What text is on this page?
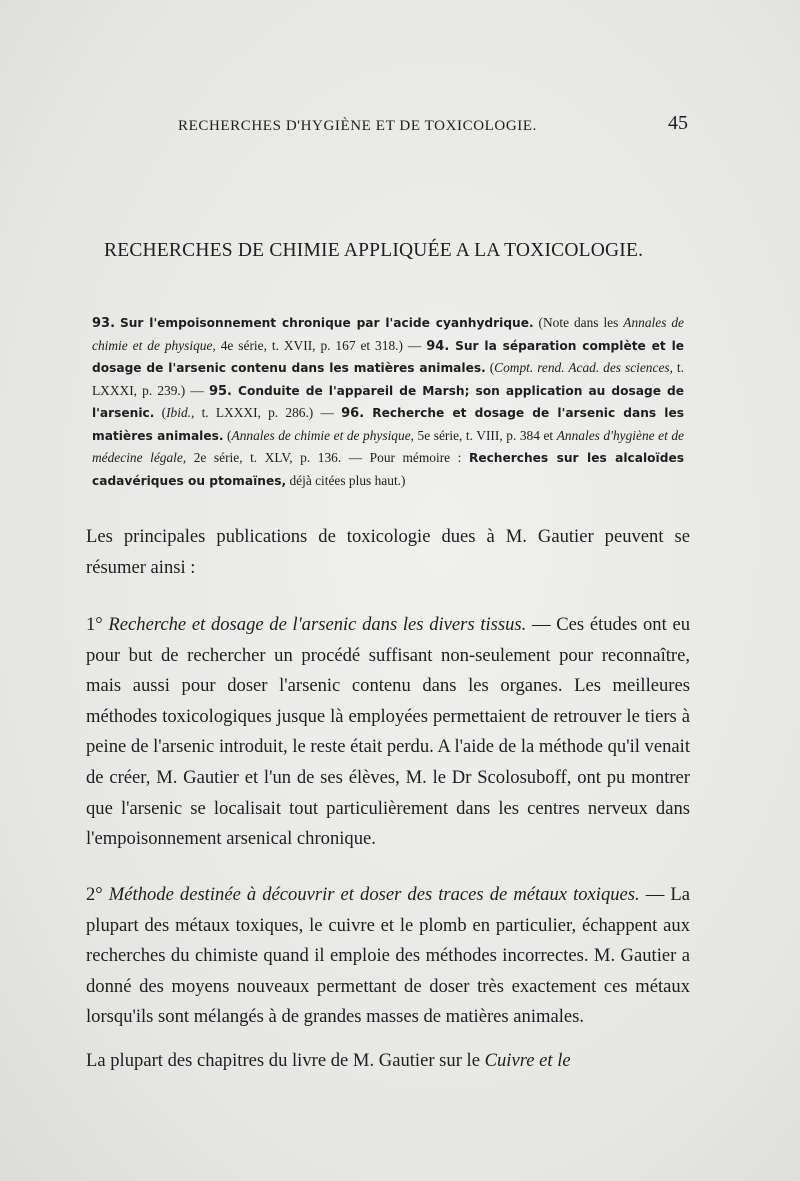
RECHERCHES D'HYGIÈNE ET DE TOXICOLOGIE.	45
RECHERCHES DE CHIMIE APPLIQUÉE A LA TOXICOLOGIE.

93. Sur l'empoisonnement chronique par l'acide cyanhydrique. (Note dans les Annales de chimie et de physique, 4e série, t. XVII, p. 167 et 318.) — 94. Sur la séparation complète et le dosage de l'arsenic contenu dans les matières animales. (Compt. rend. Acad. des sciences, t. LXXXI, p. 239.) — 95. Conduite de l'appareil de Marsh; son application au dosage de l'arsenic. (Ibid., t. LXXXI, p. 286.) — 96. Recherche et dosage de l'arsenic dans les matières animales. (Annales de chimie et de physique, 5e série, t. VIII, p. 384 et Annales d'hygiène et de médecine légale, 2e série, t. XLV, p. 136. — Pour mémoire : Recherches sur les alcaloïdes cadavériques ou ptomaïnes, déjà citées plus haut.)

Les principales publications de toxicologie dues à M. Gautier peuvent se résumer ainsi :

1° Recherche et dosage de l'arsenic dans les divers tissus. — Ces études ont eu pour but de rechercher un procédé suffisant non-seulement pour reconnaître, mais aussi pour doser l'arsenic contenu dans les organes. Les meilleures méthodes toxicologiques jusque là employées permettaient de retrouver le tiers à peine de l'arsenic introduit, le reste était perdu. A l'aide de la méthode qu'il venait de créer, M. Gautier et l'un de ses élèves, M. le Dr Scolosuboff, ont pu montrer que l'arsenic se localisait tout particulièrement dans les centres nerveux dans l'empoisonnement arsenical chronique.

2° Méthode destinée à découvrir et doser des traces de métaux toxiques. — La plupart des métaux toxiques, le cuivre et le plomb en particulier, échappent aux recherches du chimiste quand il emploie des méthodes incorrectes. M. Gautier a donné des moyens nouveaux permettant de doser très exactement ces métaux lorsqu'ils sont mélangés à de grandes masses de matières animales.

La plupart des chapitres du livre de M. Gautier sur le Cuivre et le
